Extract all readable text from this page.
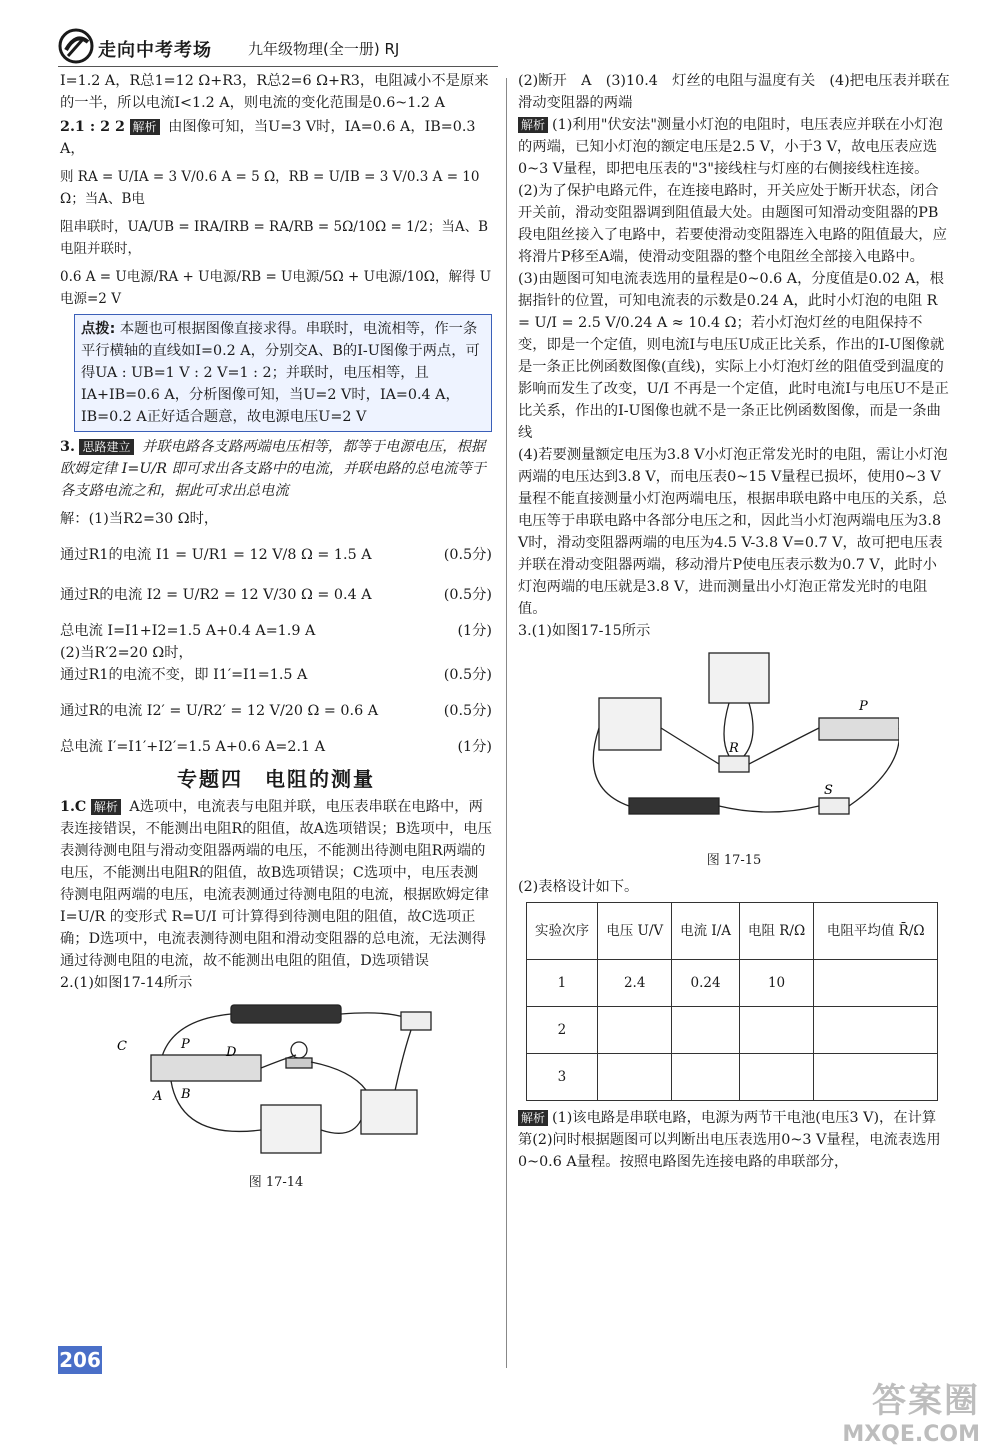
走向中考考场 九年级物理(全一册) RJ

I=1.2 A，R总1=12 Ω+R3，R总2=6 Ω+R3，电阻减小不是原来的一半，所以电流I<1.2 A，则电流的变化范围是0.6~1.2 A

2.1 : 2 2 解析 由图像可知，当U=3 V时，IA=0.6 A，IB=0.3 A，

则 RA = U/IA = 3 V/0.6 A = 5 Ω，RB = U/IB = 3 V/0.3 A = 10 Ω；当A、B电

阻串联时，UA/UB = IRA/IRB = RA/RB = 5Ω/10Ω = 1/2；当A、B电阻并联时，

0.6 A = U电源/RA + U电源/RB = U电源/5Ω + U电源/10Ω，解得 U电源=2 V

点拨: 本题也可根据图像直接求得。串联时，电流相等，作一条平行横轴的直线如I=0.2 A，分别交A、B的I-U图像于两点，可得UA : UB=1 V : 2 V=1 : 2；并联时，电压相等，且IA+IB=0.6 A，分析图像可知，当U=2 V时，IA=0.4 A，IB=0.2 A正好适合题意，故电源电压U=2 V

3. 思路建立 并联电路各支路两端电压相等，都等于电源电压，根据欧姆定律 I=U/R 即可求出各支路中的电流，并联电路的总电流等于各支路电流之和，据此可求出总电流

解：(1)当R2=30 Ω时，

通过R1的电流 I1 = U/R1 = 12 V/8 Ω = 1.5 A	(0.5分)

通过R的电流 I2 = U/R2 = 12 V/30 Ω = 0.4 A	(0.5分)

总电流 I=I1+I2=1.5 A+0.4 A=1.9 A	(1分)

(2)当R′2=20 Ω时，

通过R1的电流不变，即 I1′=I1=1.5 A	(0.5分)

通过R的电流 I2′ = U/R2′ = 12 V/20 Ω = 0.6 A	(0.5分)

总电流 I′=I1′+I2′=1.5 A+0.6 A=2.1 A	(1分)

专题四　电阻的测量

1.C 解析 A选项中，电流表与电阻并联，电压表串联在电路中，两表连接错误，不能测出电阻R的阻值，故A选项错误；B选项中，电压表测待测电阻与滑动变阻器两端的电压，不能测出待测电阻R两端的电压，不能测出电阻R的阻值，故B选项错误；C选项中，电压表测待测电阻两端的电压，电流表测通过待测电阻的电流，根据欧姆定律 I=U/R 的变形式 R=U/I 可计算得到待测电阻的阻值，故C选项正确；D选项中，电流表测待测电阻和滑动变阻器的总电流，无法测得通过待测电阻的电流，故不能测出电阻的阻值，D选项错误

2.(1)如图17-14所示

C	P
D
A B
图 17-14

(2)断开　A　(3)10.4　灯丝的电阻与温度有关　(4)把电压表并联在滑动变阻器的两端

解析 (1)利用"伏安法"测量小灯泡的电阻时，电压表应并联在小灯泡的两端，已知小灯泡的额定电压是2.5 V，小于3 V，故电压表应选0~3 V量程，即把电压表的"3"接线柱与灯座的右侧接线柱连接。

(2)为了保护电路元件，在连接电路时，开关应处于断开状态，闭合开关前，滑动变阻器调到阻值最大处。由题图可知滑动变阻器的PB段电阻丝接入了电路中，若要使滑动变阻器连入电路的阻值最大，应将滑片P移至A端，使滑动变阻器的整个电阻丝全部接入电路中。

(3)由题图可知电流表选用的量程是0~0.6 A，分度值是0.02 A，根据指针的位置，可知电流表的示数是0.24 A，此时小灯泡的电阻 R = U/I = 2.5 V/0.24 A ≈ 10.4 Ω；若小灯泡灯丝的电阻保持不变，即是一个定值，则电流I与电压U成正比关系，作出的I-U图像就是一条正比例函数图像(直线)，实际上小灯泡灯丝的阻值受到温度的影响而发生了改变，U/I 不再是一个定值，此时电流I与电压U不是正比关系，作出的I-U图像也就不是一条正比例函数图像，而是一条曲线

(4)若要测量额定电压为3.8 V小灯泡正常发光时的电阻，需让小灯泡两端的电压达到3.8 V，而电压表0~15 V量程已损坏，使用0~3 V量程不能直接测量小灯泡两端电压，根据串联电路中电压的关系，总电压等于串联电路中各部分电压之和，因此当小灯泡两端电压为3.8 V时，滑动变阻器两端的电压为4.5 V-3.8 V=0.7 V，故可把电压表并联在滑动变阻器两端，移动滑片P使电压表示数为0.7 V，此时小灯泡两端的电压就是3.8 V，进而测量出小灯泡正常发光时的电阻值。

3.(1)如图17-15所示

P
R
S
图 17-15

(2)表格设计如下。

实验次序	电压 U/V	电流 I/A	电阻 R/Ω	电阻平均值 R̄/Ω
1	2.4	0.24	10	
2				
3				

解析 (1)该电路是串联电路，电源为两节干电池(电压3 V)，在计算第(2)问时根据题图可以判断出电压表选用0~3 V量程，电流表选用0~0.6 A量程。按照电路图先连接电路的串联部分，

206
答案圈
MXQE.COM
